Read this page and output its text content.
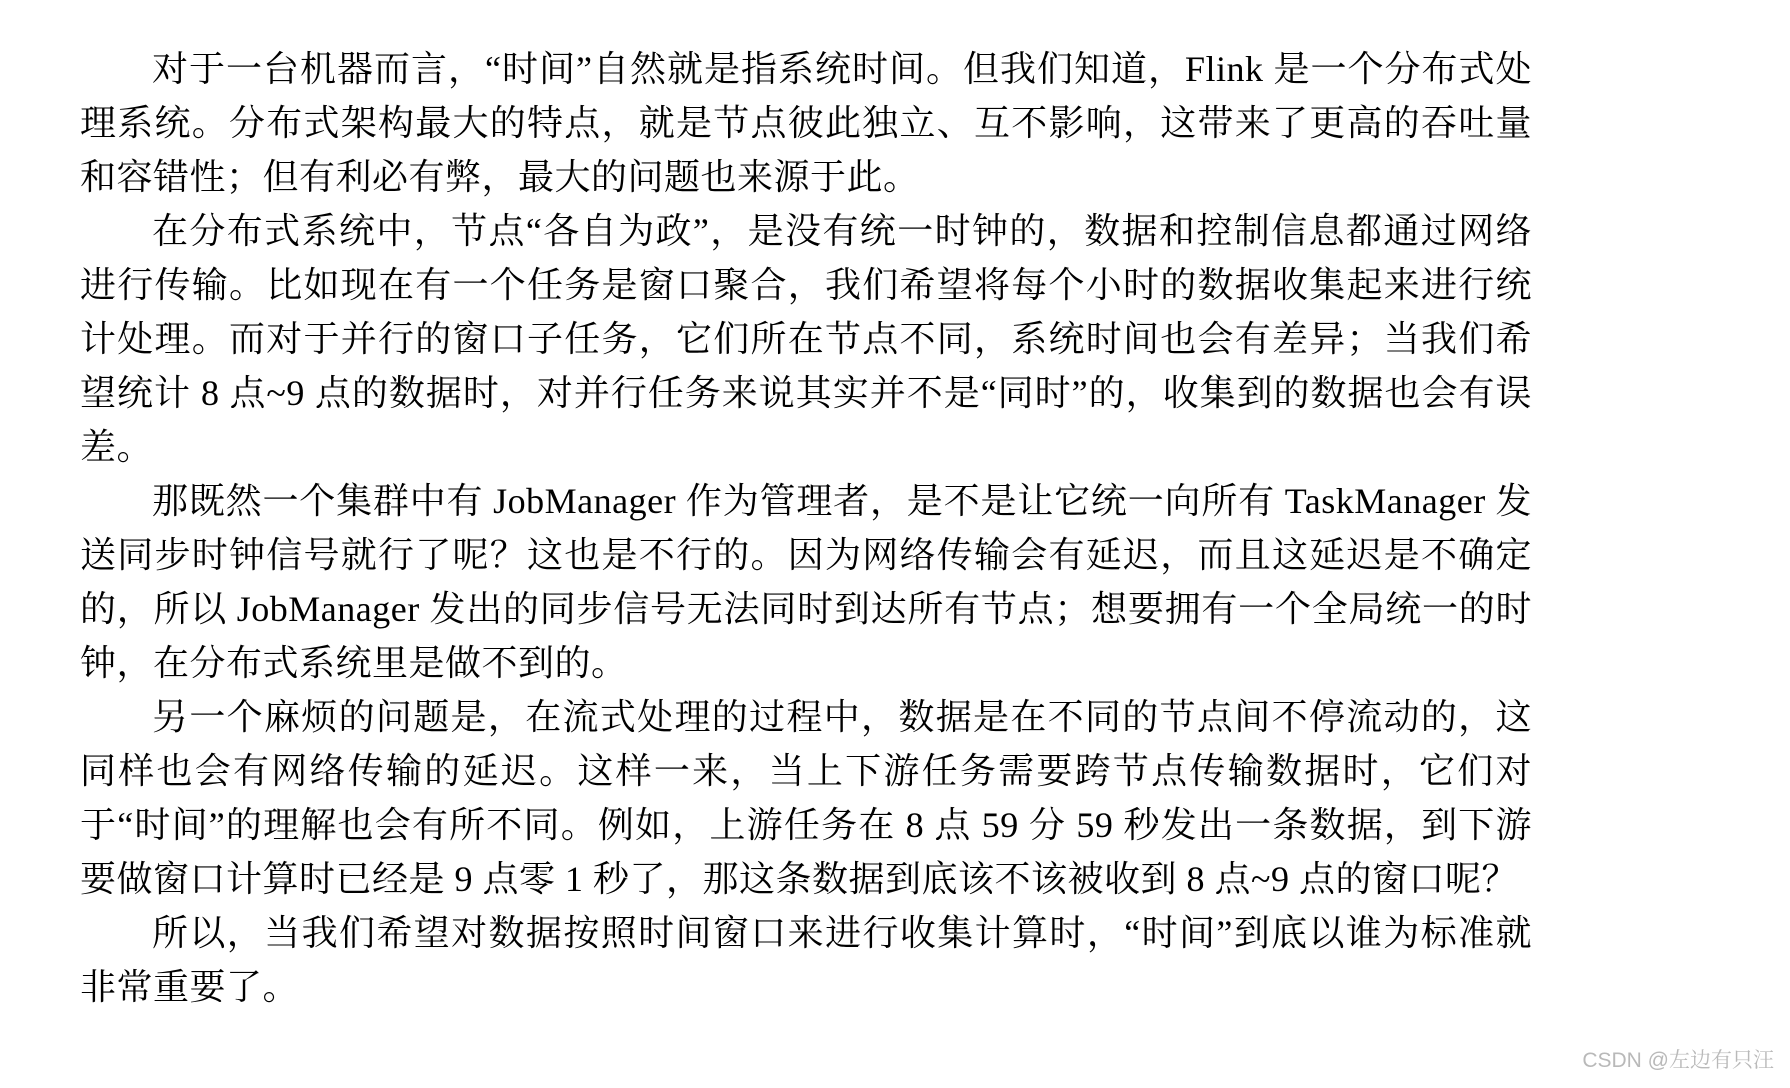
对于一台机器而言，“时间”自然就是指系统时间。但我们知道，Flink 是一个分布式处理系统。分布式架构最大的特点，就是节点彼此独立、互不影响，这带来了更高的吞吐量和容错性；但有利必有弊，最大的问题也来源于此。

在分布式系统中，节点“各自为政”，是没有统一时钟的，数据和控制信息都通过网络进行传输。比如现在有一个任务是窗口聚合，我们希望将每个小时的数据收集起来进行统计处理。而对于并行的窗口子任务，它们所在节点不同，系统时间也会有差异；当我们希望统计 8 点~9 点的数据时，对并行任务来说其实并不是“同时”的，收集到的数据也会有误差。

那既然一个集群中有 JobManager 作为管理者，是不是让它统一向所有 TaskManager 发送同步时钟信号就行了呢？这也是不行的。因为网络传输会有延迟，而且这延迟是不确定的，所以 JobManager 发出的同步信号无法同时到达所有节点；想要拥有一个全局统一的时钟，在分布式系统里是做不到的。

另一个麻烦的问题是，在流式处理的过程中，数据是在不同的节点间不停流动的，这同样也会有网络传输的延迟。这样一来，当上下游任务需要跨节点传输数据时，它们对于“时间”的理解也会有所不同。例如，上游任务在 8 点 59 分 59 秒发出一条数据，到下游要做窗口计算时已经是 9 点零 1 秒了，那这条数据到底该不该被收到 8 点~9 点的窗口呢？

所以，当我们希望对数据按照时间窗口来进行收集计算时，“时间”到底以谁为标准就非常重要了。

CSDN @左边有只汪
